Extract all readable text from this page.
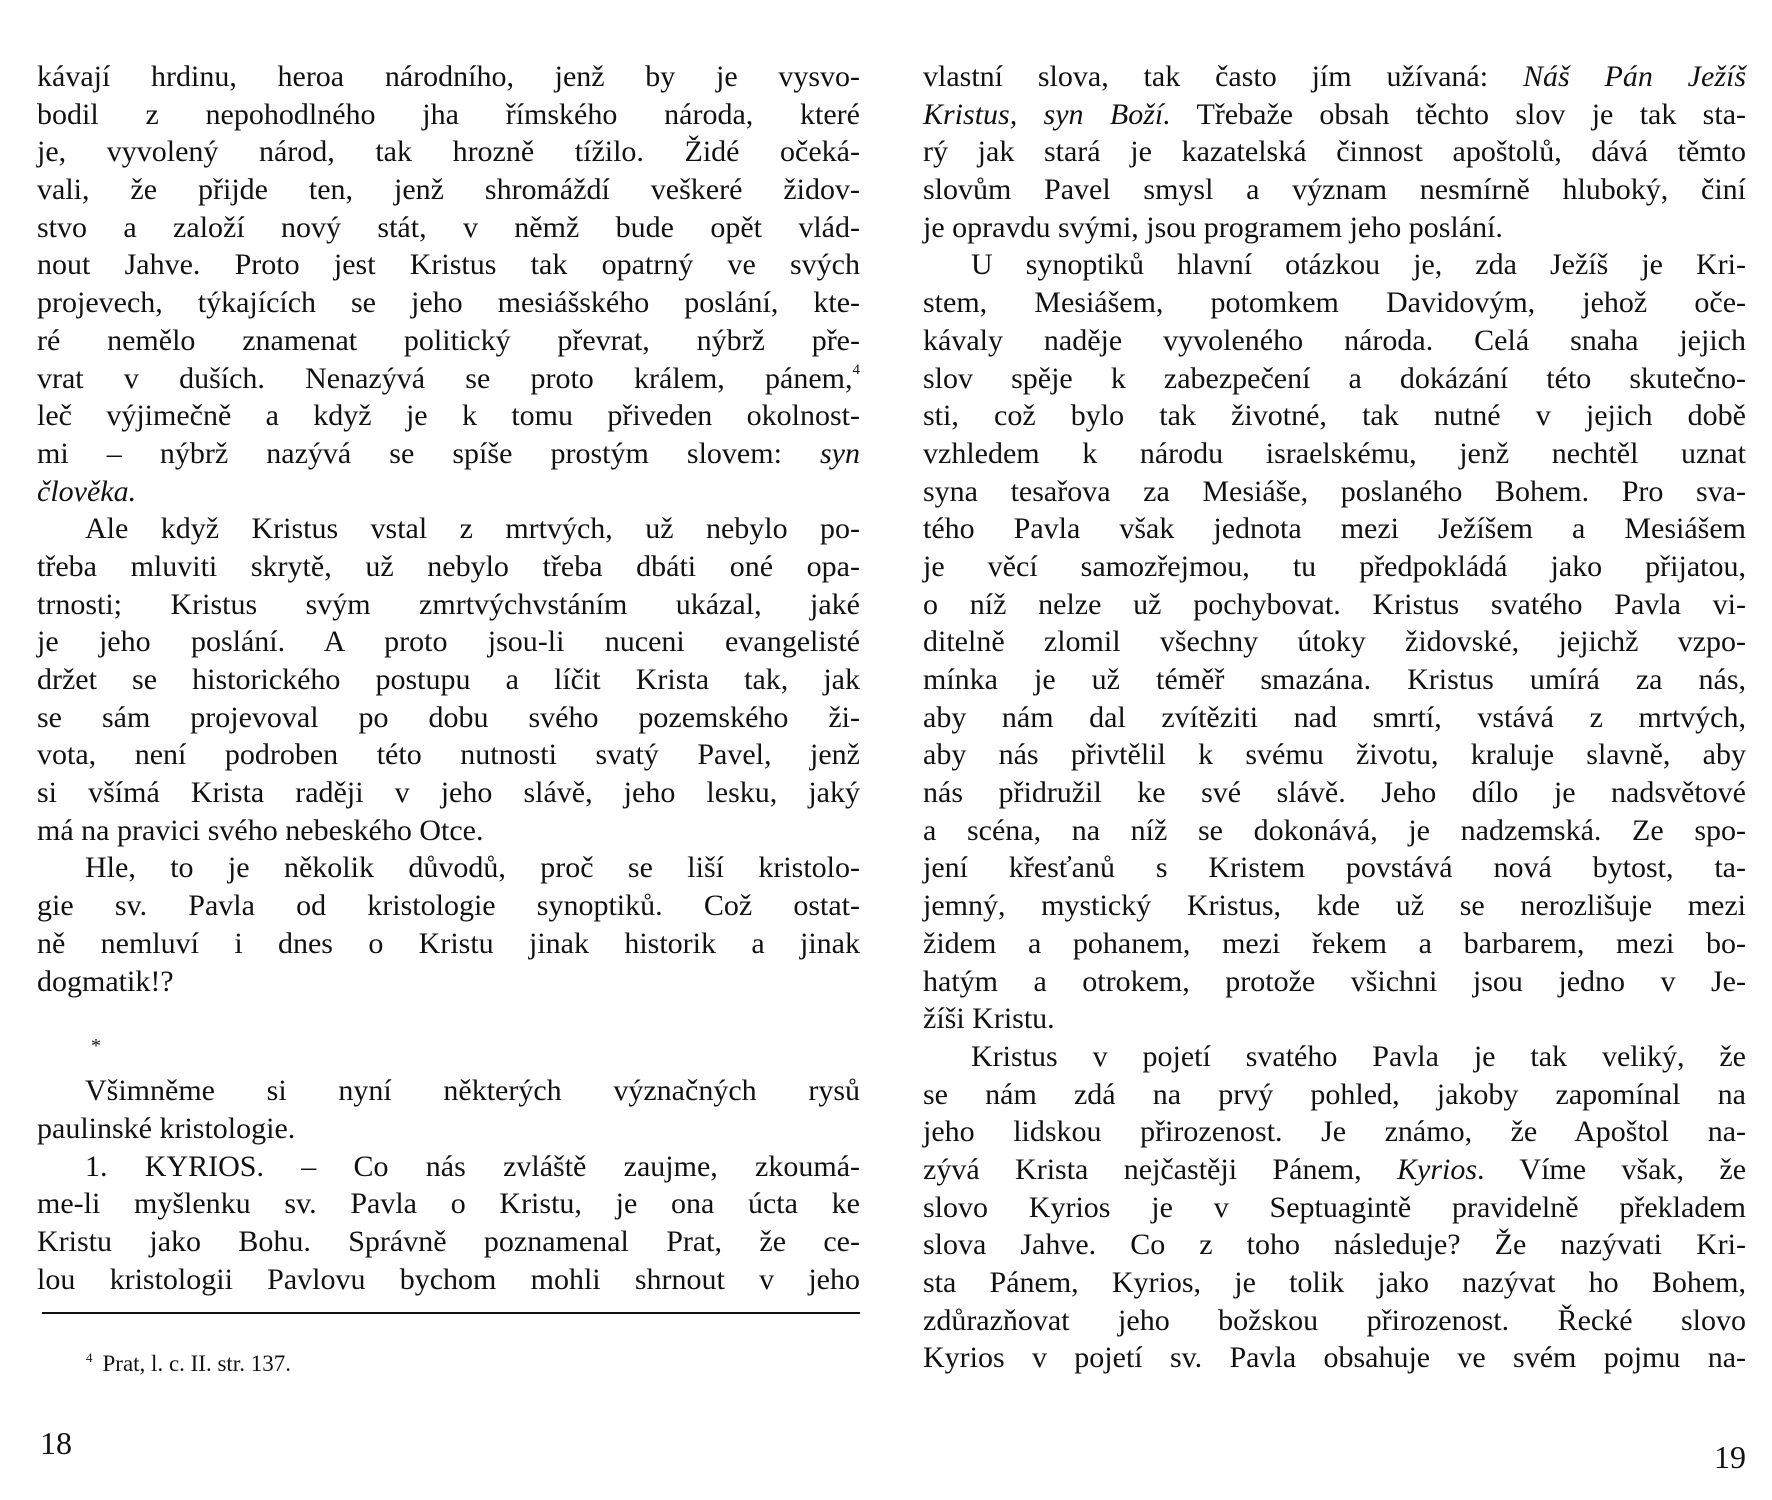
kávají hrdinu, heroa národního, jenž by je vysvo-
bodil z nepohodlného jha římského národa, které
je, vyvolený národ, tak hrozně tížilo. Židé očeká-
vali, že přijde ten, jenž shromáždí veškeré židov-
stvo a založí nový stát, v němž bude opět vlád-
nout Jahve. Proto jest Kristus tak opatrný ve svých
projevech, týkajících se jeho mesiášského poslání, kte-
ré nemělo znamenat politický převrat, nýbrž pře-
vrat v duších. Nenazývá se proto králem, pánem,$^4$
leč výjimečně a když je k tomu přiveden okolnost-
mi – nýbrž nazývá se spíše prostým slovem: syn
člověka.
Ale když Kristus vstal z mrtvých, už nebylo po-
třeba mluviti skrytě, už nebylo třeba dbáti oné opa-
trnosti; Kristus svým zmrtvýchvstáním ukázal, jaké
je jeho poslání. A proto jsou-li nuceni evangelisté
držet se historického postupu a líčit Krista tak, jak
se sám projevoval po dobu svého pozemského ži-
vota, není podroben této nutnosti svatý Pavel, jenž
si všímá Krista raději v jeho slávě, jeho lesku, jaký
má na pravici svého nebeského Otce.
Hle, to je několik důvodů, proč se liší kristolo-
gie sv. Pavla od kristologie synoptiků. Což ostat-
ně nemluví i dnes o Kristu jinak historik a jinak
dogmatik!?
*
Všimněme si nyní některých význačných rysů
paulinské kristologie.
1. KYRIOS. – Co nás zvláště zaujme, zkoumá-
me-li myšlenku sv. Pavla o Kristu, je ona úcta ke
Kristu jako Bohu. Správně poznamenal Prat, že ce-
lou kristologii Pavlovu bychom mohli shrnout v jeho
vlastní slova, tak často jím užívaná: Náš Pán Ježíš
Kristus, syn Boží. Třebaže obsah těchto slov je tak sta-
rý jak stará je kazatelská činnost apoštolů, dává těmto
slovům Pavel smysl a význam nesmírně hluboký, činí
je opravdu svými, jsou programem jeho poslání.
U synoptiků hlavní otázkou je, zda Ježíš je Kri-
stem, Mesiášem, potomkem Davidovým, jehož oče-
kávaly naděje vyvoleného národa. Celá snaha jejich
slov spěje k zabezpečení a dokázání této skutečno-
sti, což bylo tak životné, tak nutné v jejich době
vzhledem k národu israelskému, jenž nechtěl uznat
syna tesařova za Mesiáše, poslaného Bohem. Pro sva-
tého Pavla však jednota mezi Ježíšem a Mesiášem
je věcí samozřejmou, tu předpokládá jako přijatou,
o níž nelze už pochybovat. Kristus svatého Pavla vi-
ditelně zlomil všechny útoky židovské, jejichž vzpo-
mínka je už téměř smazána. Kristus umírá za nás,
aby nám dal zvítěziti nad smrtí, vstává z mrtvých,
aby nás přivtělil k svému životu, kraluje slavně, aby
nás přidružil ke své slávě. Jeho dílo je nadsvětové
a scéna, na níž se dokonává, je nadzemská. Ze spo-
jení křesťanů s Kristem povstává nová bytost, ta-
jemný, mystický Kristus, kde už se nerozlišuje mezi
židem a pohanem, mezi řekem a barbarem, mezi bo-
hatým a otrokem, protože všichni jsou jedno v Je-
žíši Kristu.
Kristus v pojetí svatého Pavla je tak veliký, že
se nám zdá na prvý pohled, jakoby zapomínal na
jeho lidskou přirozenost. Je známo, že Apoštol na-
zývá Krista nejčastěji Pánem, Kyrios. Víme však, že
slovo Kyrios je v Septuagintě pravidelně překladem
slova Jahve. Co z toho následuje? Že nazývati Kri-
sta Pánem, Kyrios, je tolik jako nazývat ho Bohem,
zdůrazňovat jeho božskou přirozenost. Řecké slovo
Kyrios v pojetí sv. Pavla obsahuje ve svém pojmu na-
$^4$ Prat, l. c. II. str. 137.
18	19
